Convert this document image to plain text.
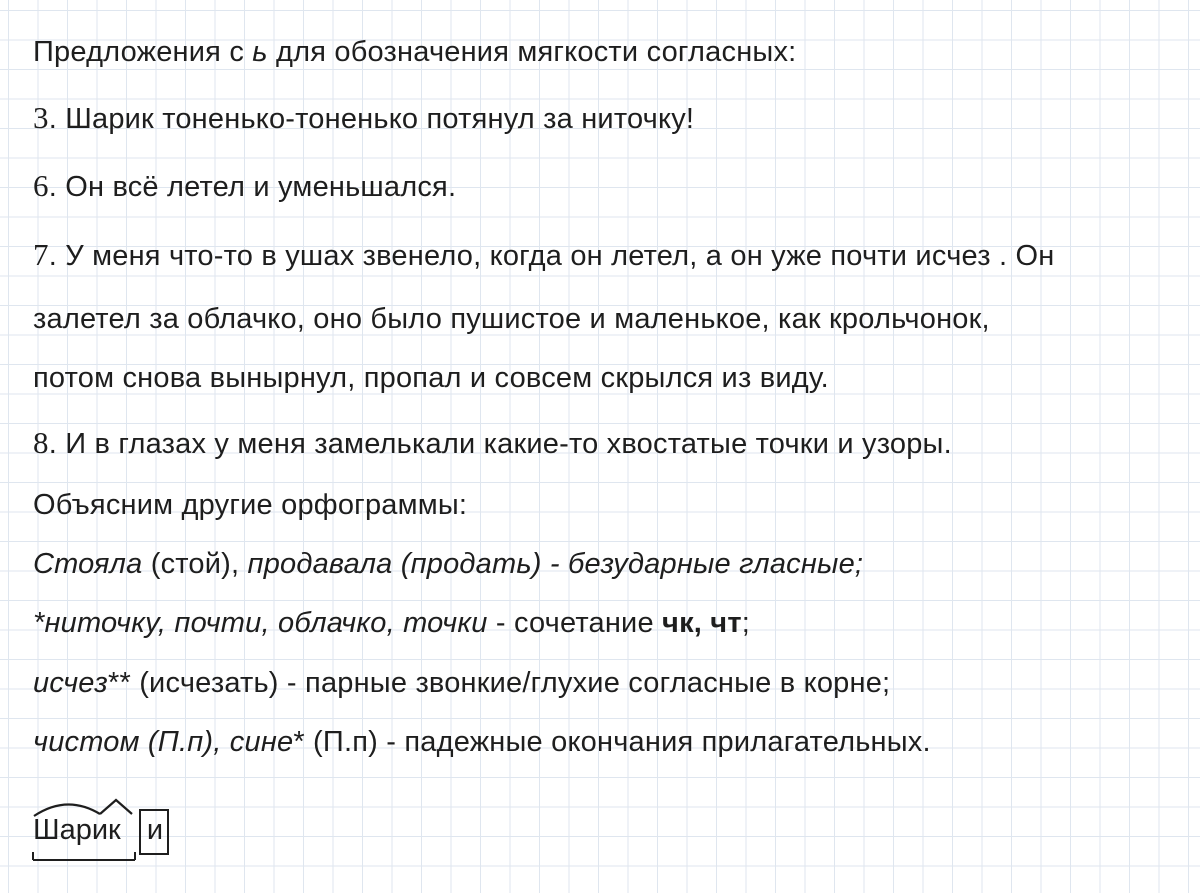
Предложения с ь для обозначения мягкости согласных:
3. Шарик тоненько-тоненько потянул за ниточку!
6. Он всё летел и уменьшался.
7. У меня что-то в ушах звенело, когда он летел, а он уже почти исчез . Он
залетел за облачко, оно было пушистое и маленькое, как крольчонок,
потом снова вынырнул, пропал и совсем скрылся из виду.
8. И в глазах у меня замелькали какие-то хвостатые точки и узоры.
Объясним другие орфограммы:
Стояла (стой), продавала (продать) - безударные гласные;
*ниточку, почти, облачко, точки - сочетание чк, чт;
исчез** (исчезать) - парные звонкие/глухие согласные в корне;
чистом (П.п), сине* (П.п) - падежные окончания прилагательных.
Шарик и
